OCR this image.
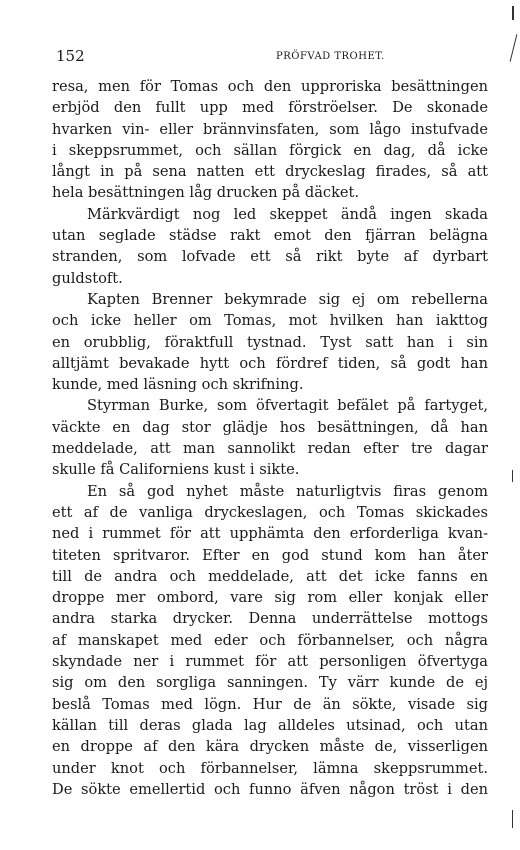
152	PRÖFVAD TROHET.
resa, men för Tomas och den upproriska besättningen
erbjöd den fullt upp med förströelser. De skonade
hvarken vin- eller brännvinsfaten, som lågo instufvade
i skeppsrummet, och sällan förgick en dag, då icke
långt in på sena natten ett dryckeslag firades, så att
hela besättningen låg drucken på däcket.
Märkvärdigt nog led skeppet ändå ingen skada
utan seglade städse rakt emot den fjärran belägna
stranden, som lofvade ett så rikt byte af dyrbart
guldstoft.
Kapten Brenner bekymrade sig ej om rebellerna
och icke heller om Tomas, mot hvilken han iakttog
en orubblig, föraktfull tystnad. Tyst satt han i sin
alltjämt bevakade hytt och fördref tiden, så godt han
kunde, med läsning och skrifning.
Styrman Burke, som öfvertagit befälet på fartyget,
väckte en dag stor glädje hos besättningen, då han
meddelade, att man sannolikt redan efter tre dagar
skulle få Californiens kust i sikte.
En så god nyhet måste naturligtvis firas genom
ett af de vanliga dryckeslagen, och Tomas skickades
ned i rummet för att upphämta den erforderliga kvan-
titeten spritvaror. Efter en god stund kom han åter
till de andra och meddelade, att det icke fanns en
droppe mer ombord, vare sig rom eller konjak eller
andra starka drycker. Denna underrättelse mottogs
af manskapet med eder och förbannelser, och några
skyndade ner i rummet för att personligen öfvertyga
sig om den sorgliga sanningen. Ty värr kunde de ej
beslå Tomas med lögn. Hur de än sökte, visade sig
källan till deras glada lag alldeles utsinad, och utan
en droppe af den kära drycken måste de, visserligen
under knot och förbannelser, lämna skeppsrummet.
De sökte emellertid och funno äfven någon tröst i den
